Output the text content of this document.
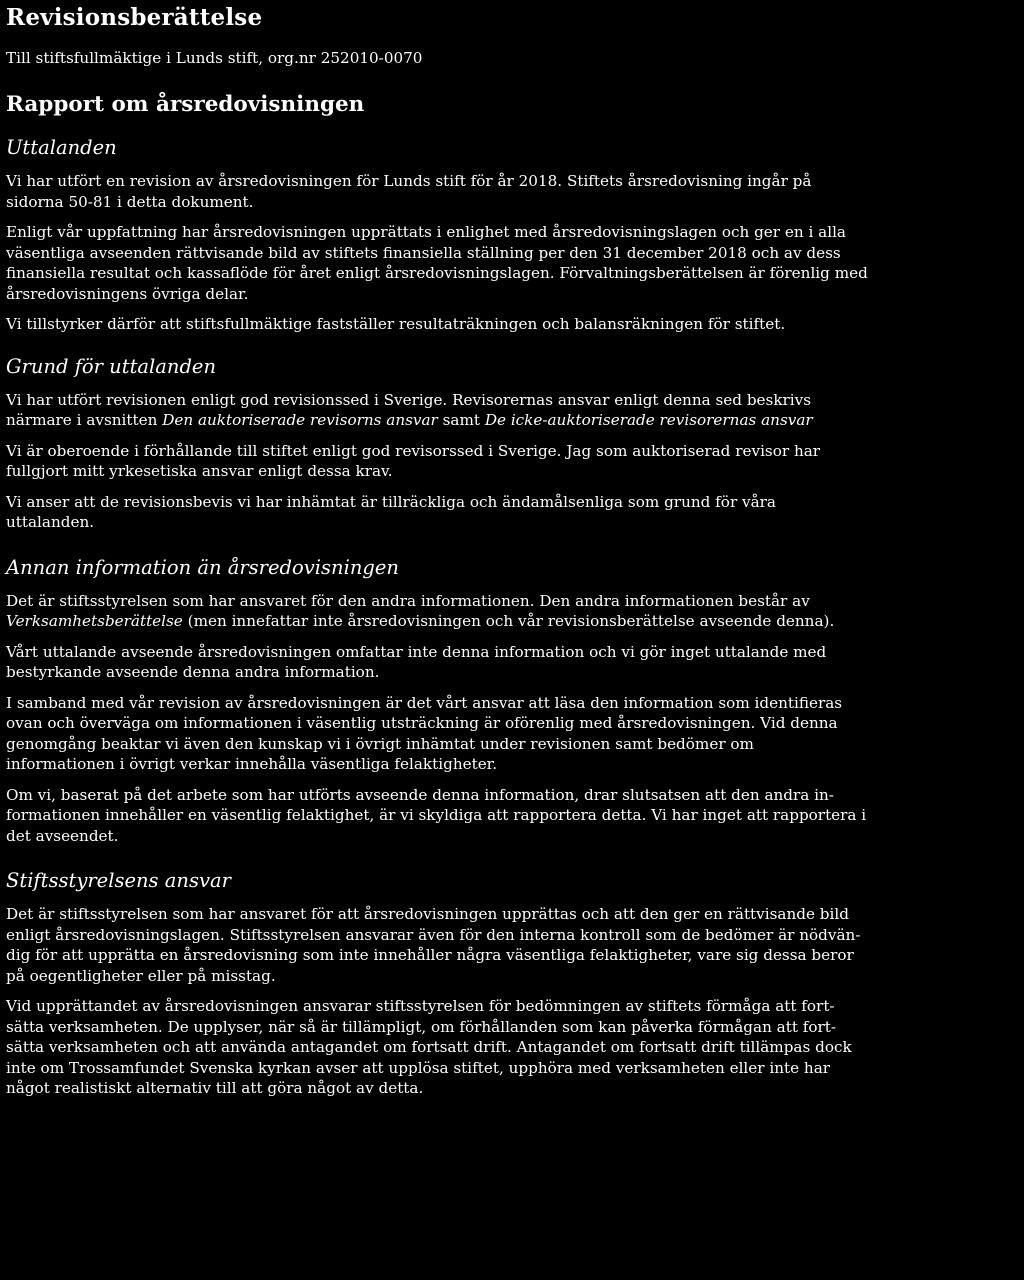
Revisionsberättelse
Till stiftsfullmäktige i Lunds stift, org.nr 252010-0070
Rapport om årsredovisningen
Uttalanden

Vi har utfört en revision av årsredovisningen för Lunds stift för år 2018. Stiftets årsredovisning ingår på
sidorna 50-81 i detta dokument.

Enligt vår uppfattning har årsredovisningen upprättats i enlighet med årsredovisningslagen och ger en i alla
väsentliga avseenden rättvisande bild av stiftets finansiella ställning per den 31 december 2018 och av dess
finansiella resultat och kassaflöde för året enligt årsredovisningslagen. Förvaltningsberättelsen är förenlig med
årsredovisningens övriga delar.

Vi tillstyrker därför att stiftsfullmäktige fastställer resultaträkningen och balansräkningen för stiftet.

Grund för uttalanden

Vi har utfört revisionen enligt god revisionssed i Sverige. Revisorernas ansvar enligt denna sed beskrivs
närmare i avsnitten Den auktoriserade revisorns ansvar samt De icke-auktoriserade revisorernas ansvar

Vi är oberoende i förhållande till stiftet enligt god revisorssed i Sverige. Jag som auktoriserad revisor har
fullgjort mitt yrkesetiska ansvar enligt dessa krav.

Vi anser att de revisionsbevis vi har inhämtat är tillräckliga och ändamålsenliga som grund för våra
uttalanden.

Annan information än årsredovisningen

Det är stiftsstyrelsen som har ansvaret för den andra informationen. Den andra informationen består av
Verksamhetsberättelse (men innefattar inte årsredovisningen och vår revisionsberättelse avseende denna).

Vårt uttalande avseende årsredovisningen omfattar inte denna information och vi gör inget uttalande med
bestyrkande avseende denna andra information.

I samband med vår revision av årsredovisningen är det vårt ansvar att läsa den information som identifieras
ovan och överväga om informationen i väsentlig utsträckning är oförenlig med årsredovisningen. Vid denna
genomgång beaktar vi även den kunskap vi i övrigt inhämtat under revisionen samt bedömer om
informationen i övrigt verkar innehålla väsentliga felaktigheter.

Om vi, baserat på det arbete som har utförts avseende denna information, drar slutsatsen att den andra in-
formationen innehåller en väsentlig felaktighet, är vi skyldiga att rapportera detta. Vi har inget att rapportera i
det avseendet.

Stiftsstyrelsens ansvar

Det är stiftsstyrelsen som har ansvaret för att årsredovisningen upprättas och att den ger en rättvisande bild
enligt årsredovisningslagen. Stiftsstyrelsen ansvarar även för den interna kontroll som de bedömer är nödvän-
dig för att upprätta en årsredovisning som inte innehåller några väsentliga felaktigheter, vare sig dessa beror
på oegentligheter eller på misstag.

Vid upprättandet av årsredovisningen ansvarar stiftsstyrelsen för bedömningen av stiftets förmåga att fort-
sätta verksamheten. De upplyser, när så är tillämpligt, om förhållanden som kan påverka förmågan att fort-
sätta verksamheten och att använda antagandet om fortsatt drift. Antagandet om fortsatt drift tillämpas dock
inte om Trossamfundet Svenska kyrkan avser att upplösa stiftet, upphöra med verksamheten eller inte har
något realistiskt alternativ till att göra något av detta.
